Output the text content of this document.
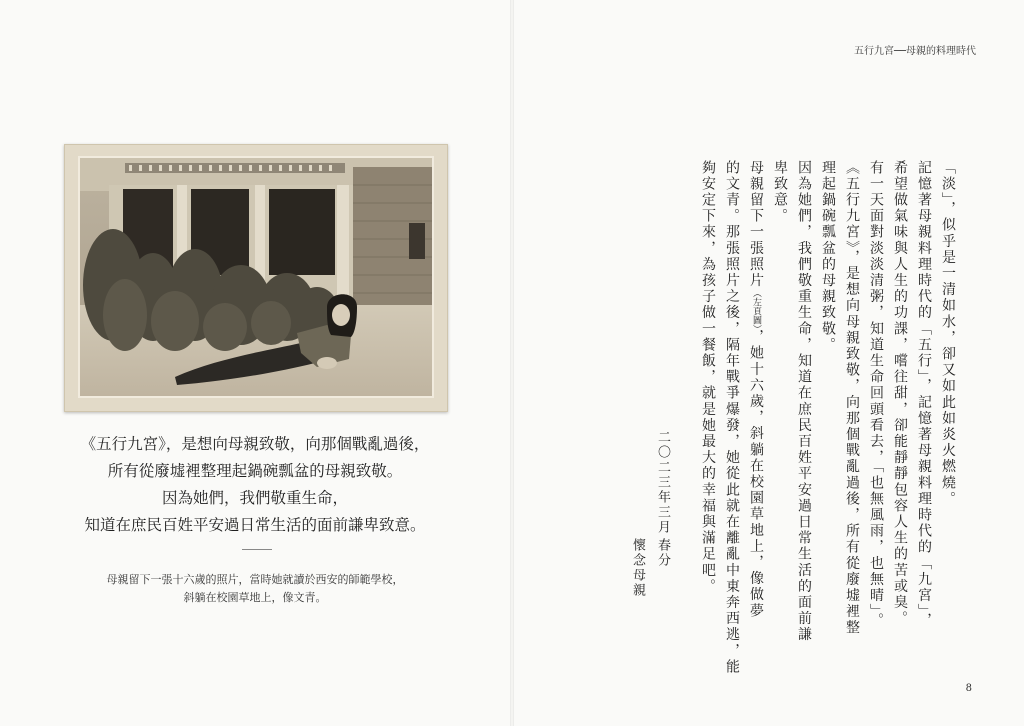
《五行九宮》，是想向母親致敬，向那個戰亂過後，
所有從廢墟裡整理起鍋碗瓢盆的母親致敬。
因為她們，我們敬重生命，
知道在庶民百姓平安過日常生活的面前謙卑致意。
母親留下一張十六歲的照片，當時她就讀於西安的師範學校，
斜躺在校園草地上，像文青。
五行九宮──母親的料理時代
8
「淡」，似乎是一清如水，卻又如此如炎火燃燒。
記憶著母親料理時代的「五行」，記憶著母親料理時代的「九宮」，
希望做氣味與人生的功課，嚐往甜，卻能靜靜包容人生的苦或臭。
有一天面對淡淡清粥，知道生命回頭看去，「也無風雨，也無晴」。
《五行九宮》，是想向母親致敬，向那個戰亂過後，所有從廢墟裡整
理起鍋碗瓢盆的母親致敬。
因為她們，我們敬重生命，知道在庶民百姓平安過日常生活的面前謙
卑致意。
母親留下一張照片（左頁圖），她十六歲，斜躺在校園草地上，像做夢
的文青。那張照片之後，隔年戰爭爆發，她從此就在離亂中東奔西逃，能
夠安定下來，為孩子做一餐飯，就是她最大的幸福與滿足吧。
懷念母親 春分
二〇二三年三月
